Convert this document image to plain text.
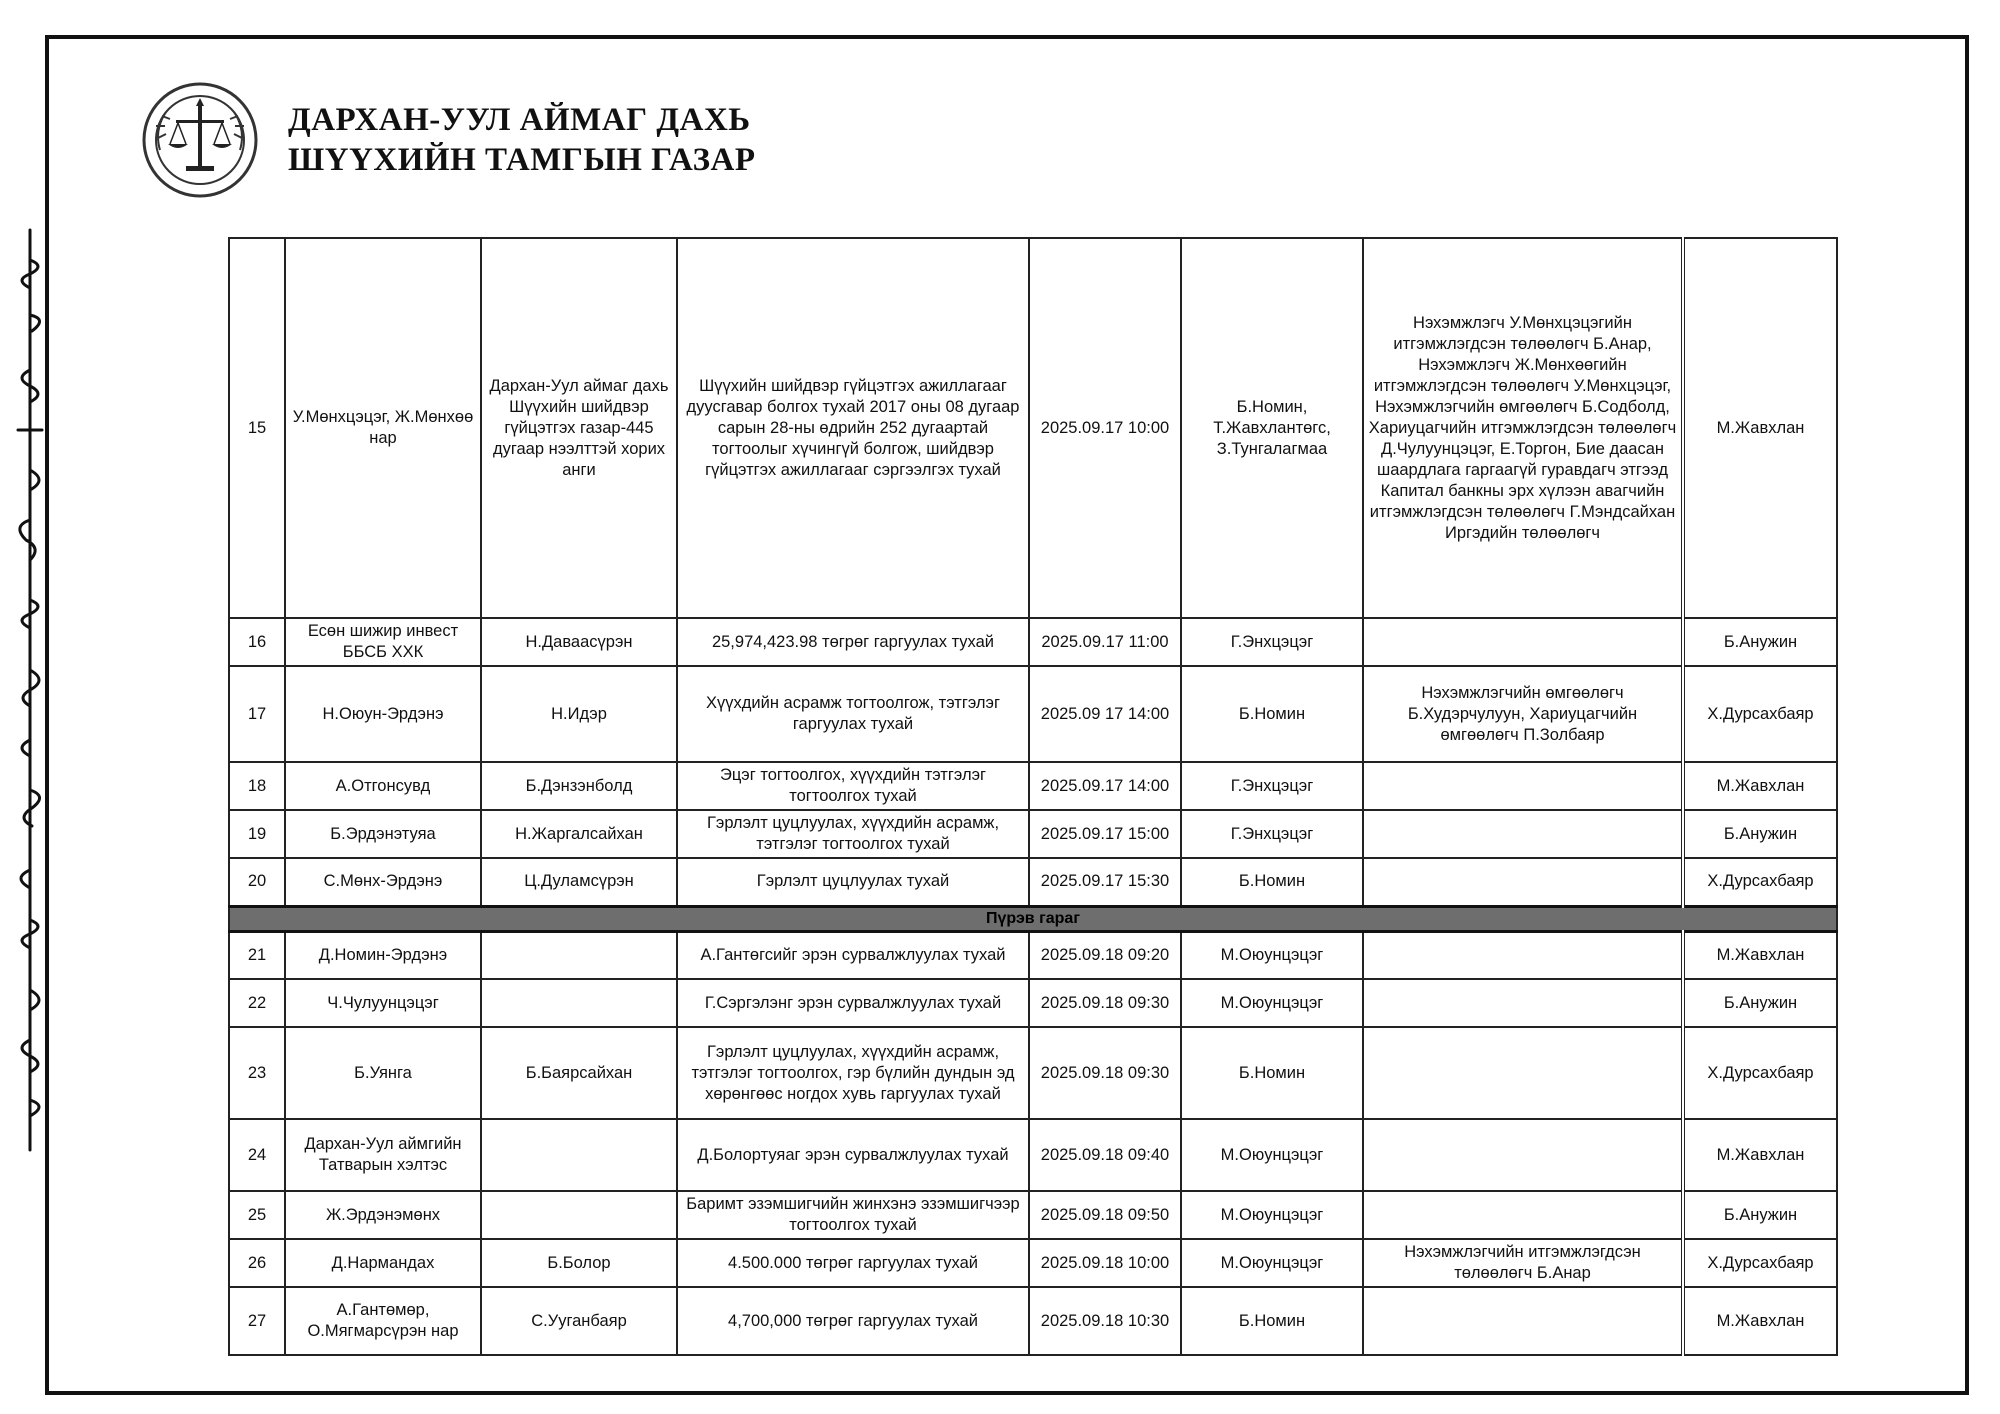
ДАРХАН-УУЛ АЙМАГ ДАХЬ
ШҮҮХИЙН ТАМГЫН ГАЗАР
15	У.Мөнхцэцэг, Ж.Мөнхөө нар	Дархан-Уул аймаг дахь Шүүхийн шийдвэр гүйцэтгэх газар-445 дугаар нээлттэй хорих анги	Шүүхийн шийдвэр гүйцэтгэх ажиллагааг дуусгавар болгох тухай 2017 оны 08 дугаар сарын 28-ны өдрийн 252 дугаартай тогтоолыг хүчингүй болгож, шийдвэр гүйцэтгэх ажиллагааг сэргээлгэх тухай	2025.09.17 10:00	Б.Номин, Т.Жавхлантөгс, З.Тунгалагмаа	Нэхэмжлэгч У.Мөнхцэцэгийн итгэмжлэгдсэн төлөөлөгч Б.Анар, Нэхэмжлэгч Ж.Мөнхөөгийн итгэмжлэгдсэн төлөөлөгч У.Мөнхцэцэг, Нэхэмжлэгчийн өмгөөлөгч Б.Содболд, Хариуцагчийн итгэмжлэгдсэн төлөөлөгч Д.Чулуунцэцэг, Е.Торгон, Бие даасан шаардлага гаргаагүй гуравдагч этгээд Капитал банкны эрх хүлээн авагчийн итгэмжлэгдсэн төлөөлөгч Г.Мэндсайхан Иргэдийн төлөөлөгч	М.Жавхлан
16	Есөн шижир инвест ББСБ ХХК	Н.Даваасүрэн	25,974,423.98 төгрөг гаргуулах тухай	2025.09.17 11:00	Г.Энхцэцэг		Б.Анужин
17	Н.Оюун-Эрдэнэ	Н.Идэр	Хүүхдийн асрамж тогтоолгож, тэтгэлэг гаргуулах тухай	2025.09 17 14:00	Б.Номин	Нэхэмжлэгчийн өмгөөлөгч Б.Худэрчулуун, Хариуцагчийн өмгөөлөгч П.Золбаяр	Х.Дурсахбаяр
18	А.Отгонсувд	Б.Дэнзэнболд	Эцэг тогтоолгох, хүүхдийн тэтгэлэг тогтоолгох тухай	2025.09.17 14:00	Г.Энхцэцэг		М.Жавхлан
19	Б.Эрдэнэтуяа	Н.Жаргалсайхан	Гэрлэлт цуцлуулах, хүүхдийн асрамж, тэтгэлэг тогтоолгох тухай	2025.09.17 15:00	Г.Энхцэцэг		Б.Анужин
20	С.Мөнх-Эрдэнэ	Ц.Дуламсүрэн	Гэрлэлт цуцлуулах тухай	2025.09.17 15:30	Б.Номин		Х.Дурсахбаяр
Пүрэв гараг							
21	Д.Номин-Эрдэнэ		А.Гантөгсийг эрэн сурвалжлуулах тухай	2025.09.18 09:20	М.Оюунцэцэг		М.Жавхлан
22	Ч.Чулуунцэцэг		Г.Сэргэлэнг эрэн сурвалжлуулах тухай	2025.09.18 09:30	М.Оюунцэцэг		Б.Анужин
23	Б.Уянга	Б.Баярсайхан	Гэрлэлт цуцлуулах, хүүхдийн асрамж, тэтгэлэг тогтоолгох, гэр бүлийн дундын эд хөрөнгөөс ногдох хувь гаргуулах тухай	2025.09.18 09:30	Б.Номин		Х.Дурсахбаяр
24	Дархан-Уул аймгийн Татварын хэлтэс		Д.Болортуяаг эрэн сурвалжлуулах тухай	2025.09.18 09:40	М.Оюунцэцэг		М.Жавхлан
25	Ж.Эрдэнэмөнх		Баримт эзэмшигчийн жинхэнэ эзэмшигчээр тогтоолгох тухай	2025.09.18 09:50	М.Оюунцэцэг		Б.Анужин
26	Д.Нармандах	Б.Болор	4.500.000 төгрөг гаргуулах тухай	2025.09.18 10:00	М.Оюунцэцэг	Нэхэмжлэгчийн итгэмжлэгдсэн төлөөлөгч Б.Анар	Х.Дурсахбаяр
27	А.Гантөмөр, О.Мягмарсүрэн нар	С.Ууганбаяр	4,700,000 төгрөг гаргуулах тухай	2025.09.18 10:30	Б.Номин		М.Жавхлан
